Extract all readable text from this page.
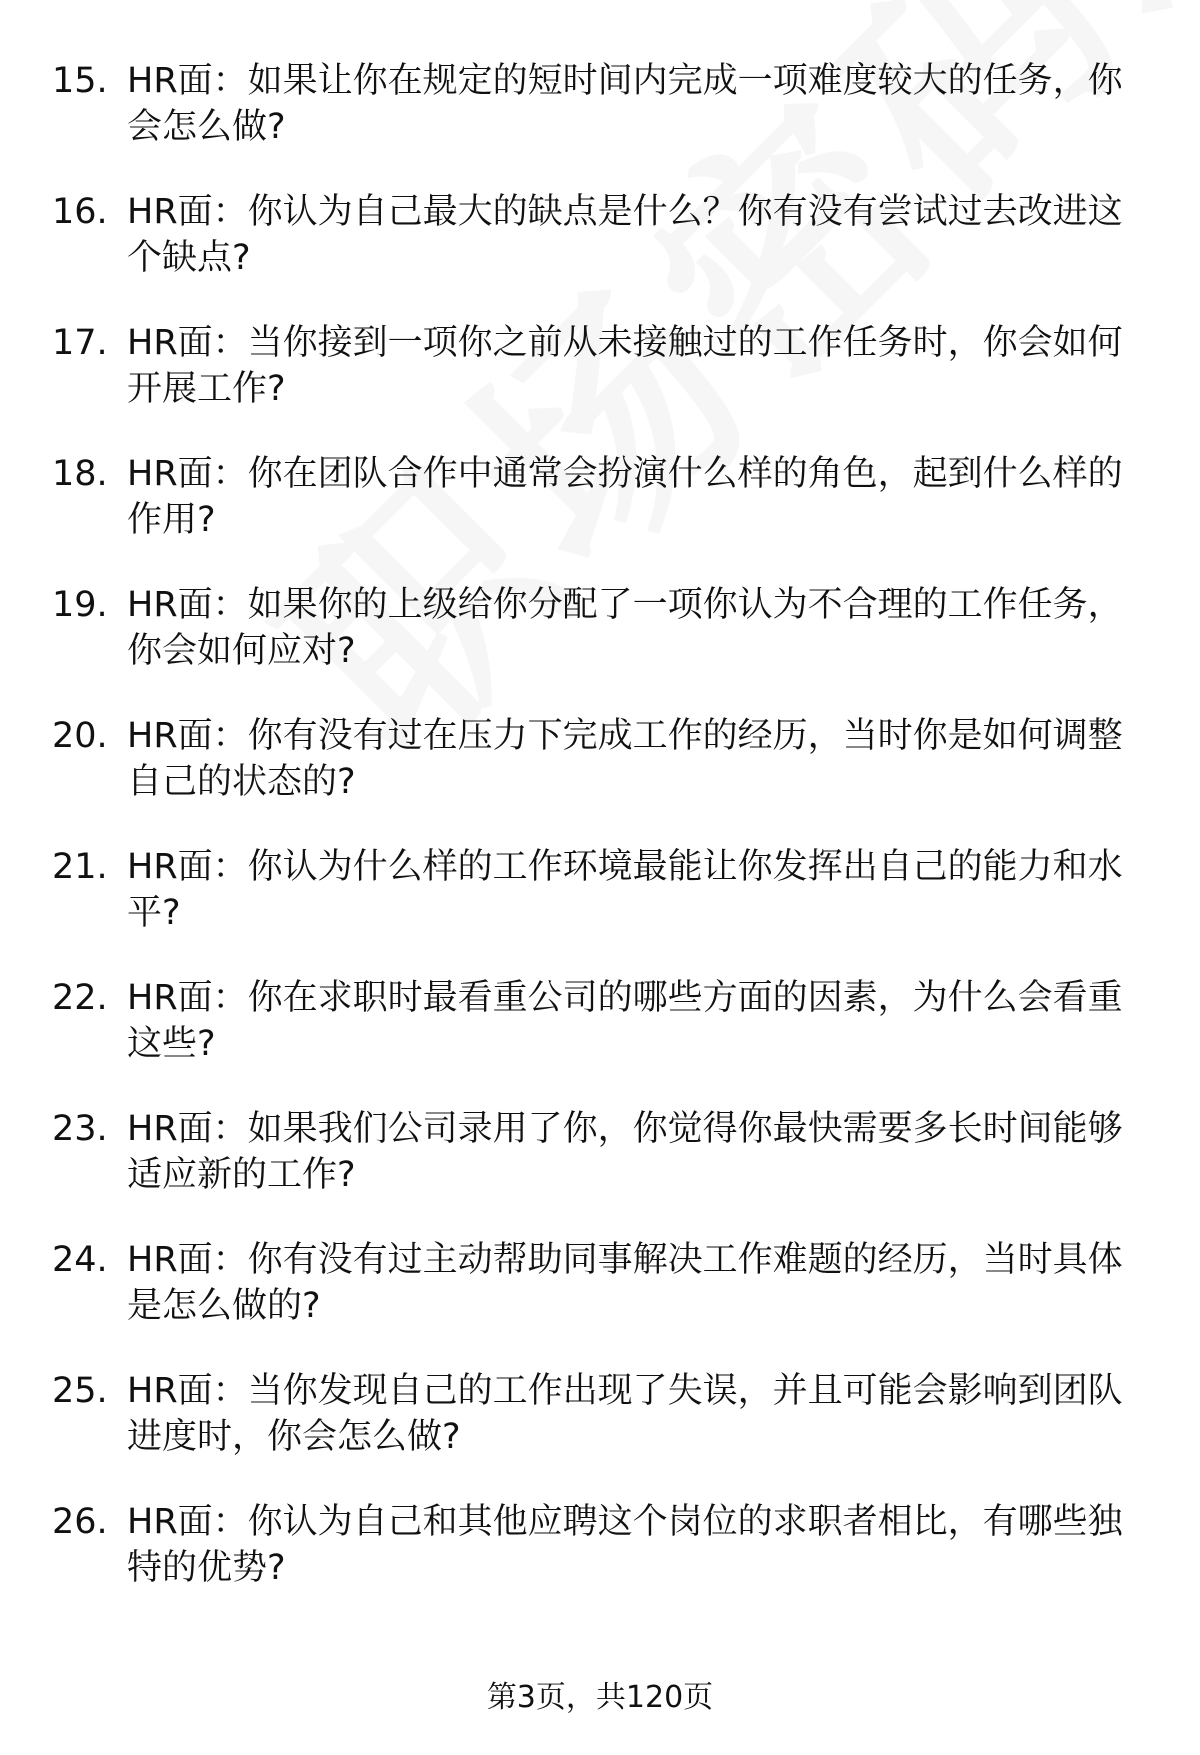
15. HR面：如果让你在规定的短时间内完成一项难度较大的任务，你会怎么做?
16. HR面：你认为自己最大的缺点是什么？你有没有尝试过去改进这个缺点?
17. HR面：当你接到一项你之前从未接触过的工作任务时，你会如何开展工作?
18. HR面：你在团队合作中通常会扮演什么样的角色，起到什么样的作用?
19. HR面：如果你的上级给你分配了一项你认为不合理的工作任务，你会如何应对?
20. HR面：你有没有过在压力下完成工作的经历，当时你是如何调整自己的状态的?
21. HR面：你认为什么样的工作环境最能让你发挥出自己的能力和水平?
22. HR面：你在求职时最看重公司的哪些方面的因素，为什么会看重这些?
23. HR面：如果我们公司录用了你，你觉得你最快需要多长时间能够适应新的工作?
24. HR面：你有没有过主动帮助同事解决工作难题的经历，当时具体是怎么做的?
25. HR面：当你发现自己的工作出现了失误，并且可能会影响到团队进度时，你会怎么做?
26. HR面：你认为自己和其他应聘这个岗位的求职者相比，有哪些独特的优势?
第3页，共120页
